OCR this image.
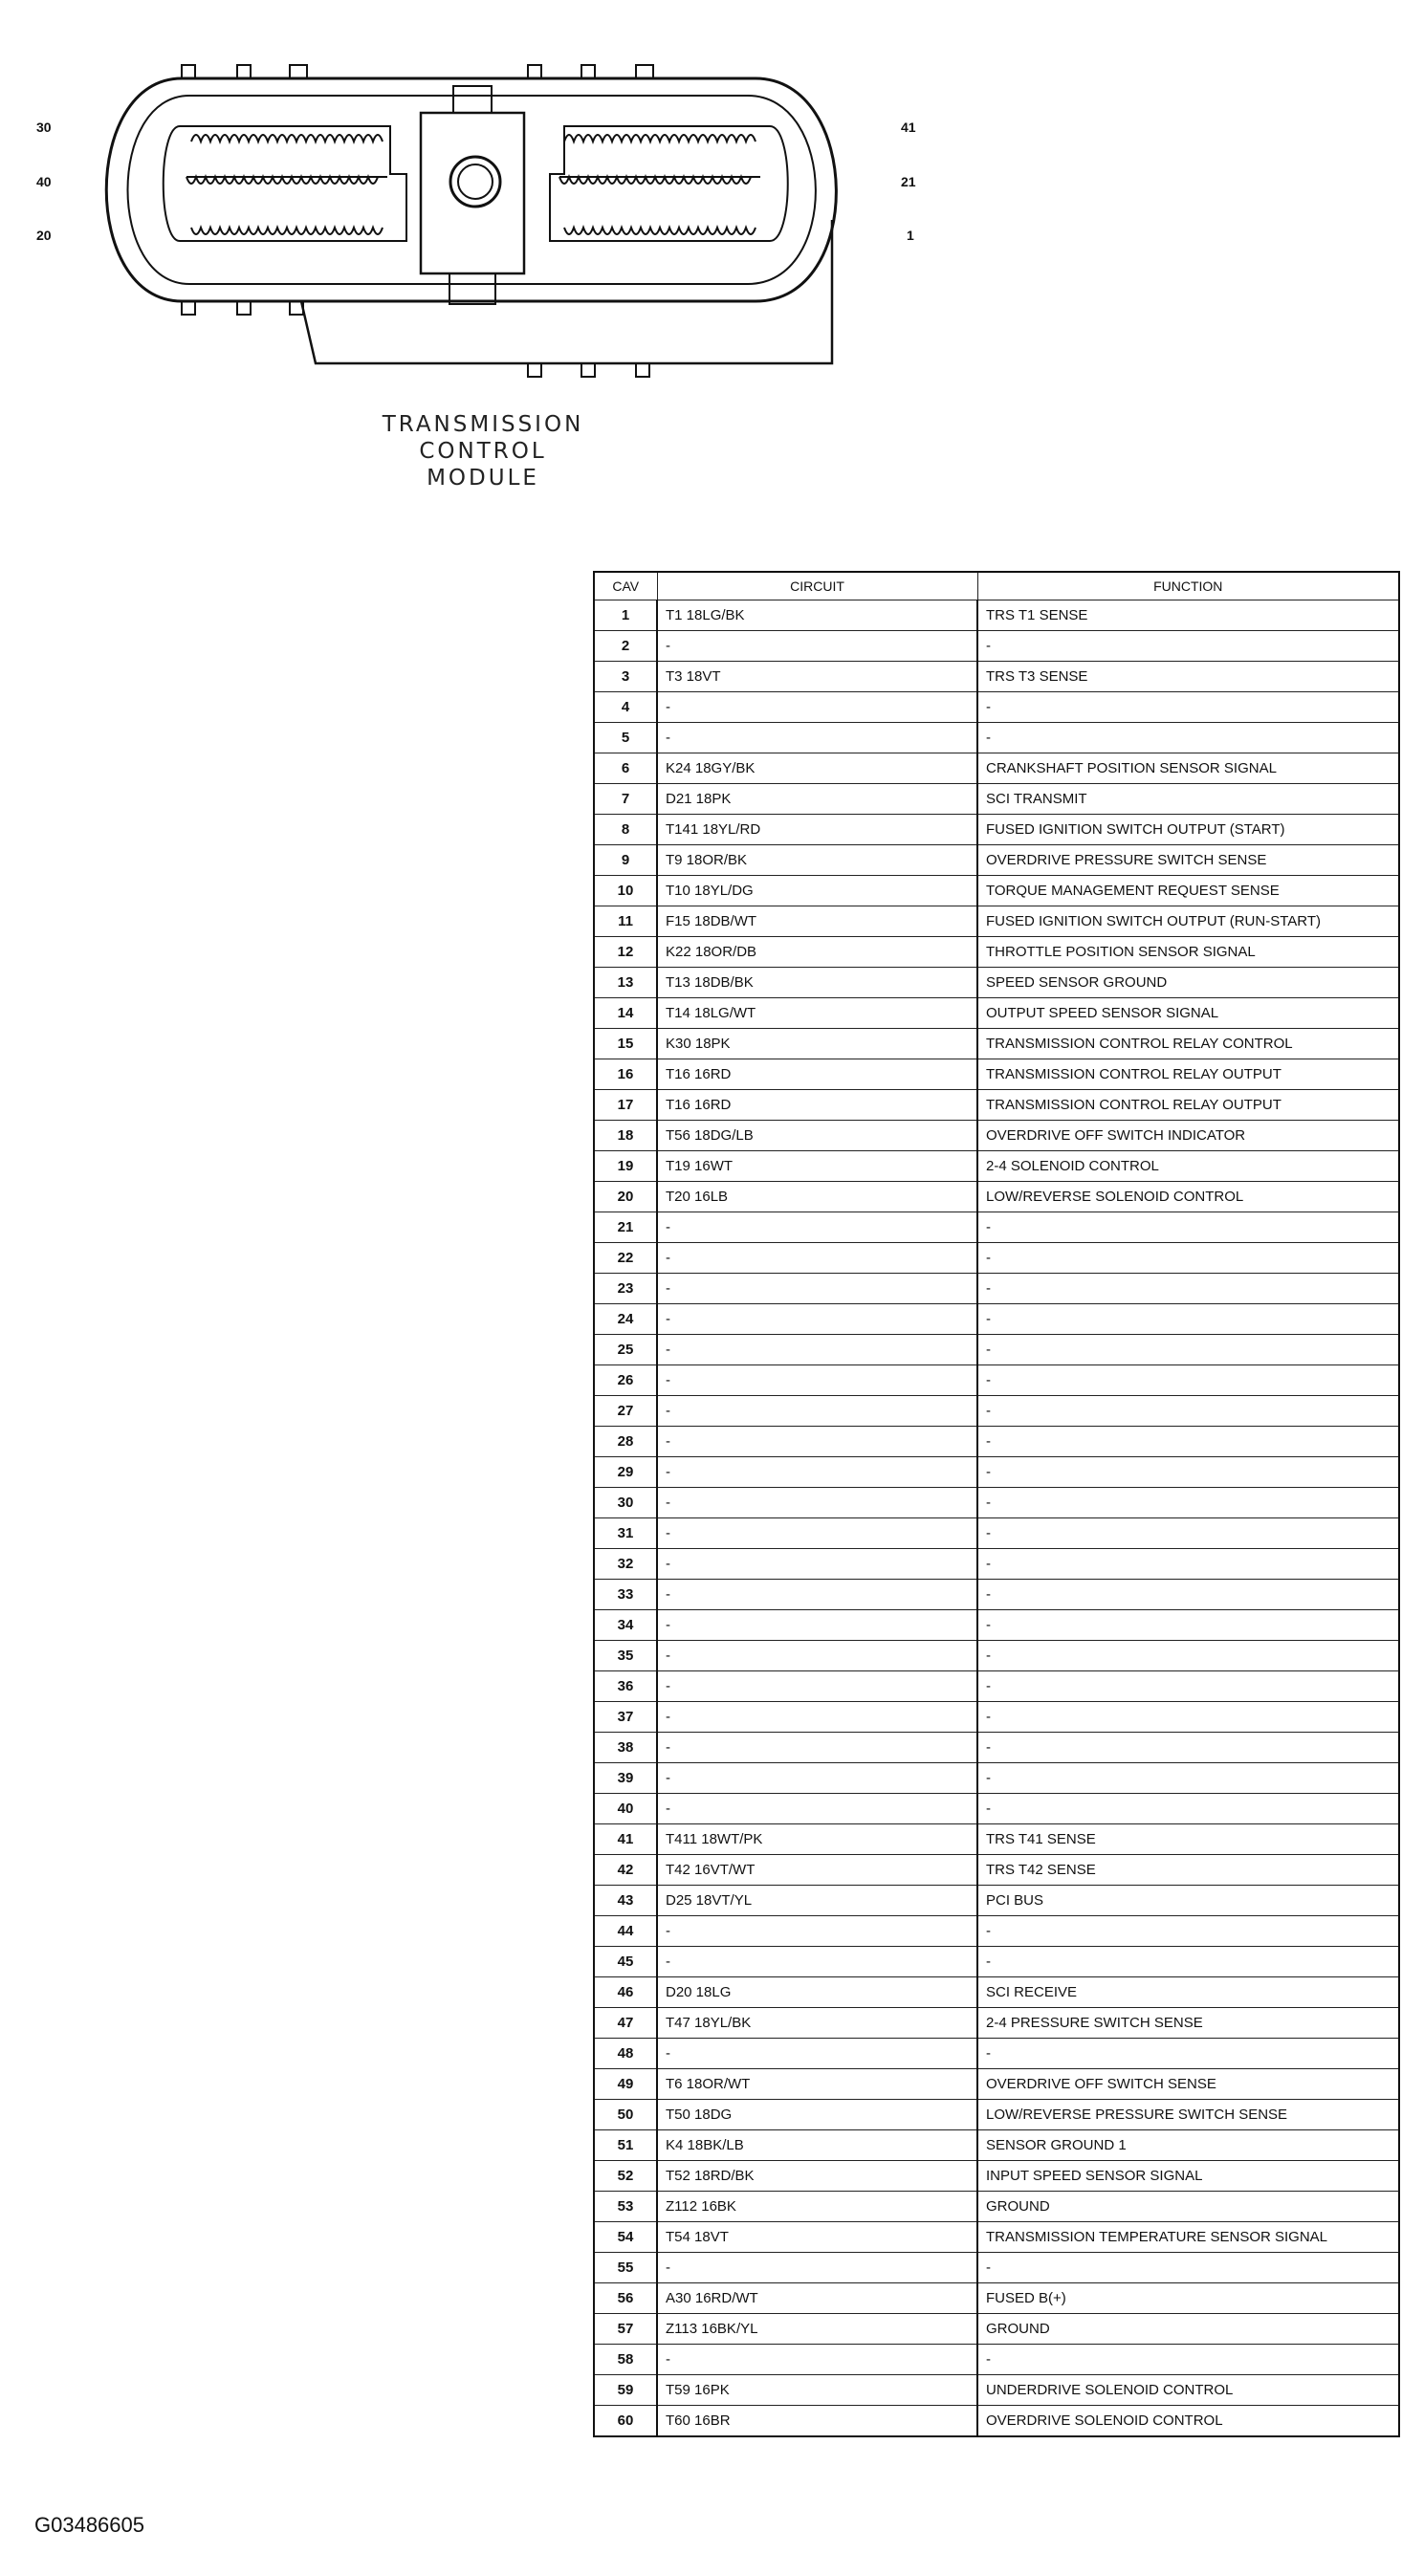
30
40
20
41
21
1
TRANSMISSION
CONTROL
MODULE
CAV	CIRCUIT	FUNCTION
1	T1 18LG/BK	TRS T1 SENSE
2	-	-
3	T3 18VT	TRS T3 SENSE
4	-	-
5	-	-
6	K24 18GY/BK	CRANKSHAFT POSITION SENSOR SIGNAL
7	D21 18PK	SCI TRANSMIT
8	T141 18YL/RD	FUSED IGNITION SWITCH OUTPUT (START)
9	T9 18OR/BK	OVERDRIVE PRESSURE SWITCH SENSE
10	T10 18YL/DG	TORQUE MANAGEMENT REQUEST SENSE
11	F15 18DB/WT	FUSED IGNITION SWITCH OUTPUT (RUN-START)
12	K22 18OR/DB	THROTTLE POSITION SENSOR SIGNAL
13	T13 18DB/BK	SPEED SENSOR GROUND
14	T14 18LG/WT	OUTPUT SPEED SENSOR SIGNAL
15	K30 18PK	TRANSMISSION CONTROL RELAY CONTROL
16	T16 16RD	TRANSMISSION CONTROL RELAY OUTPUT
17	T16 16RD	TRANSMISSION CONTROL RELAY OUTPUT
18	T56 18DG/LB	OVERDRIVE OFF SWITCH INDICATOR
19	T19 16WT	2-4 SOLENOID CONTROL
20	T20 16LB	LOW/REVERSE SOLENOID CONTROL
21	-	-
22	-	-
23	-	-
24	-	-
25	-	-
26	-	-
27	-	-
28	-	-
29	-	-
30	-	-
31	-	-
32	-	-
33	-	-
34	-	-
35	-	-
36	-	-
37	-	-
38	-	-
39	-	-
40	-	-
41	T411 18WT/PK	TRS T41 SENSE
42	T42 16VT/WT	TRS T42 SENSE
43	D25 18VT/YL	PCI BUS
44	-	-
45	-	-
46	D20 18LG	SCI RECEIVE
47	T47 18YL/BK	2-4 PRESSURE SWITCH SENSE
48	-	-
49	T6 18OR/WT	OVERDRIVE OFF SWITCH SENSE
50	T50 18DG	LOW/REVERSE PRESSURE SWITCH SENSE
51	K4 18BK/LB	SENSOR GROUND 1
52	T52 18RD/BK	INPUT SPEED SENSOR SIGNAL
53	Z112 16BK	GROUND
54	T54 18VT	TRANSMISSION TEMPERATURE SENSOR SIGNAL
55	-	-
56	A30 16RD/WT	FUSED B(+)
57	Z113 16BK/YL	GROUND
58	-	-
59	T59 16PK	UNDERDRIVE SOLENOID CONTROL
60	T60 16BR	OVERDRIVE SOLENOID CONTROL
G03486605
